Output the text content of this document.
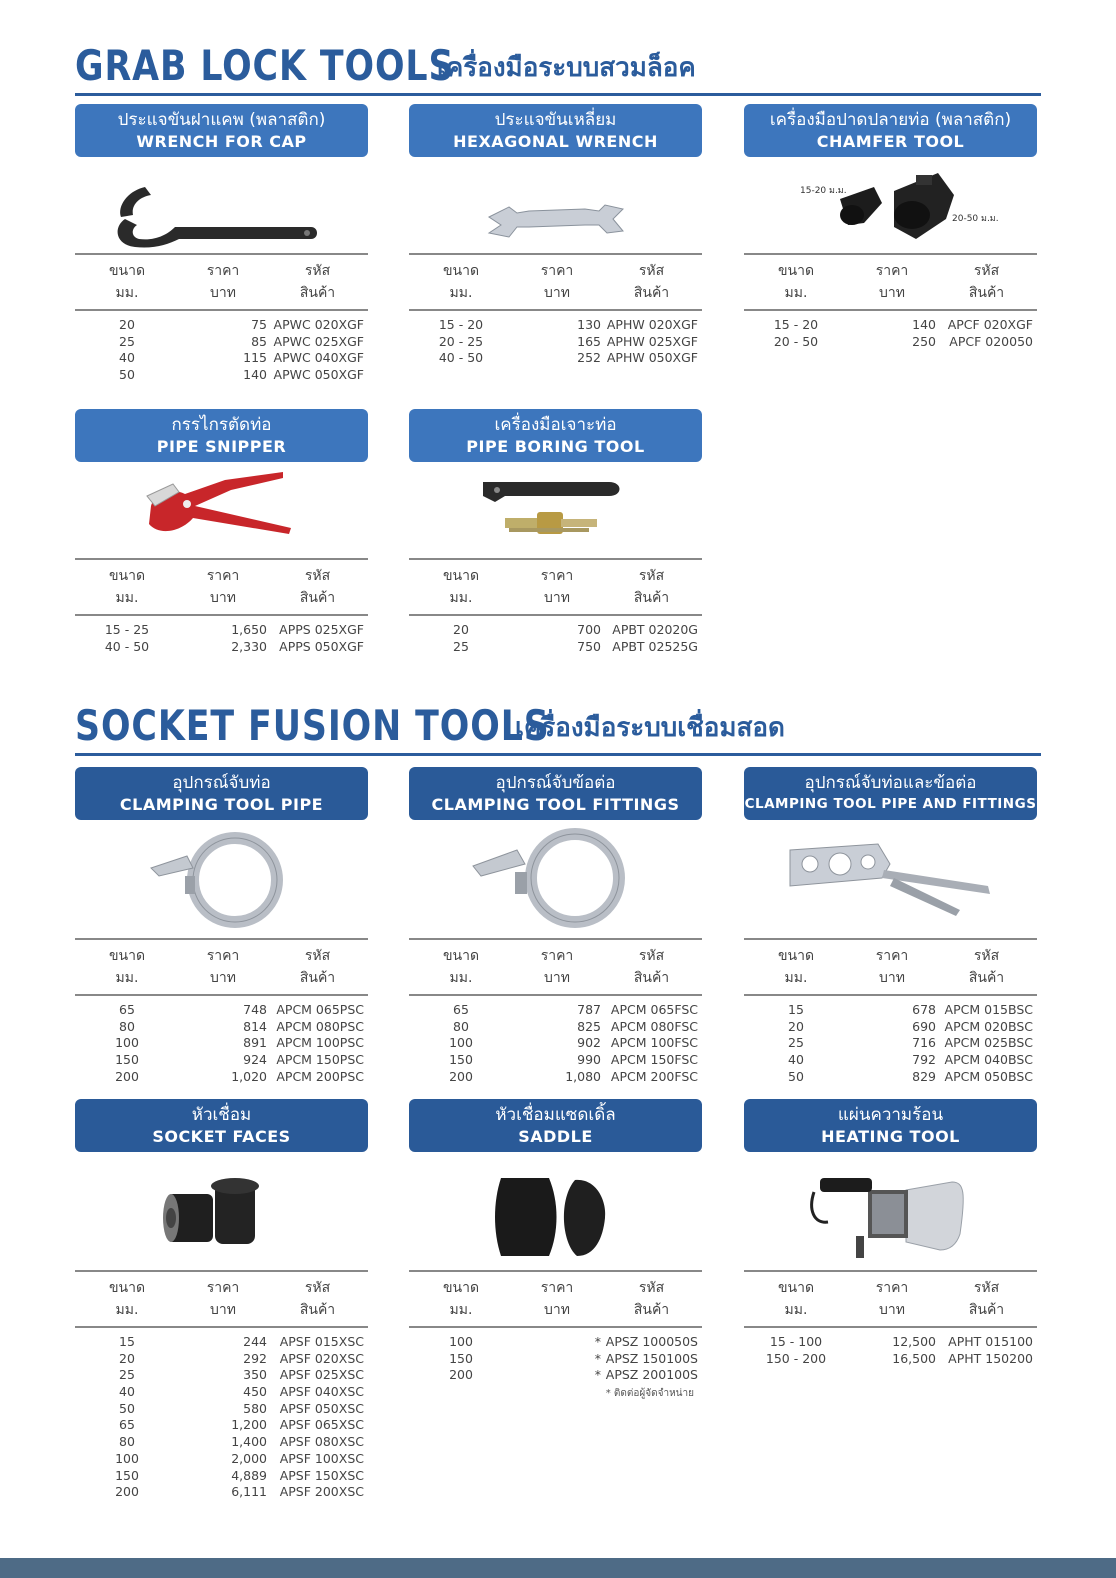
GRAB LOCK TOOLS
เครื่องมือระบบสวมล็อค
SOCKET FUSION TOOLS
เครื่องมือระบบเชื่อมสอด
ประแจขันฝาแคพ (พลาสติก)
WRENCH FOR CAP
ขนาด
มม.
ราคา
บาท
รหัส
สินค้า
20	75 APWC 020XGF
25	85 APWC 025XGF
40	115 APWC 040XGF
50	140 APWC 050XGF
ประแจขันเหลี่ยม
HEXAGONAL WRENCH
ขนาด
มม.
ราคา
บาท
รหัส
สินค้า
15 - 20	130 APHW 020XGF
20 - 25	165 APHW 025XGF
40 - 50	252 APHW 050XGF
เครื่องมือปาดปลายท่อ (พลาสติก)
CHAMFER TOOL
15-20 ม.ม.
20-50 ม.ม.
ขนาด
มม.
ราคา
บาท
รหัส
สินค้า
15 - 20	140 APCF 020XGF
20 - 50	250	APCF 020050
กรรไกรตัดท่อ
PIPE SNIPPER
ขนาด
มม.
ราคา
บาท
รหัส
สินค้า
15 - 25	1,650 APPS 025XGF
40 - 50	2,330 APPS 050XGF
เครื่องมือเจาะท่อ
PIPE BORING TOOL
ขนาด
มม.
ราคา
บาท
รหัส
สินค้า
20	700 APBT 02020G
25	750 APBT 02525G
อุปกรณ์จับท่อ
CLAMPING TOOL PIPE
ขนาด
มม.
ราคา
บาท
รหัส
สินค้า
65	748 APCM 065PSC
80	814 APCM 080PSC
100	891 APCM 100PSC
150	924 APCM 150PSC
200	1,020 APCM 200PSC
อุปกรณ์จับข้อต่อ
CLAMPING TOOL FITTINGS
ขนาด
มม.
ราคา
บาท
รหัส
สินค้า
65	787 APCM 065FSC
80	825 APCM 080FSC
100	902 APCM 100FSC
150	990 APCM 150FSC
200	1,080 APCM 200FSC
อุปกรณ์จับท่อและข้อต่อ
CLAMPING TOOL PIPE AND FITTINGS
ขนาด
มม.
ราคา
บาท
รหัส
สินค้า
15	678 APCM 015BSC
20	690 APCM 020BSC
25	716 APCM 025BSC
40	792 APCM 040BSC
50	829 APCM 050BSC
หัวเชื่อม
SOCKET FACES
ขนาด
มม.
ราคา
บาท
รหัส
สินค้า
15	244	APSF 015XSC
20	292	APSF 020XSC
25	350	APSF 025XSC
40	450	APSF 040XSC
50	580	APSF 050XSC
65	1,200	APSF 065XSC
80	1,400	APSF 080XSC
100	2,000	APSF 100XSC
150	4,889	APSF 150XSC
200	6,111	APSF 200XSC
หัวเชื่อมแซดเดิ้ล
SADDLE
ขนาด
มม.
ราคา
บาท
รหัส
สินค้า
100	* APSZ 100050S
150	* APSZ 150100S
200	* APSZ 200100S
* ติดต่อผู้จัดจำหน่าย
แผ่นความร้อน
HEATING TOOL
ขนาด
มม.
ราคา
บาท
รหัส
สินค้า
15 - 100	12,500 APHT 015100
150 - 200	16,500 APHT 150200
